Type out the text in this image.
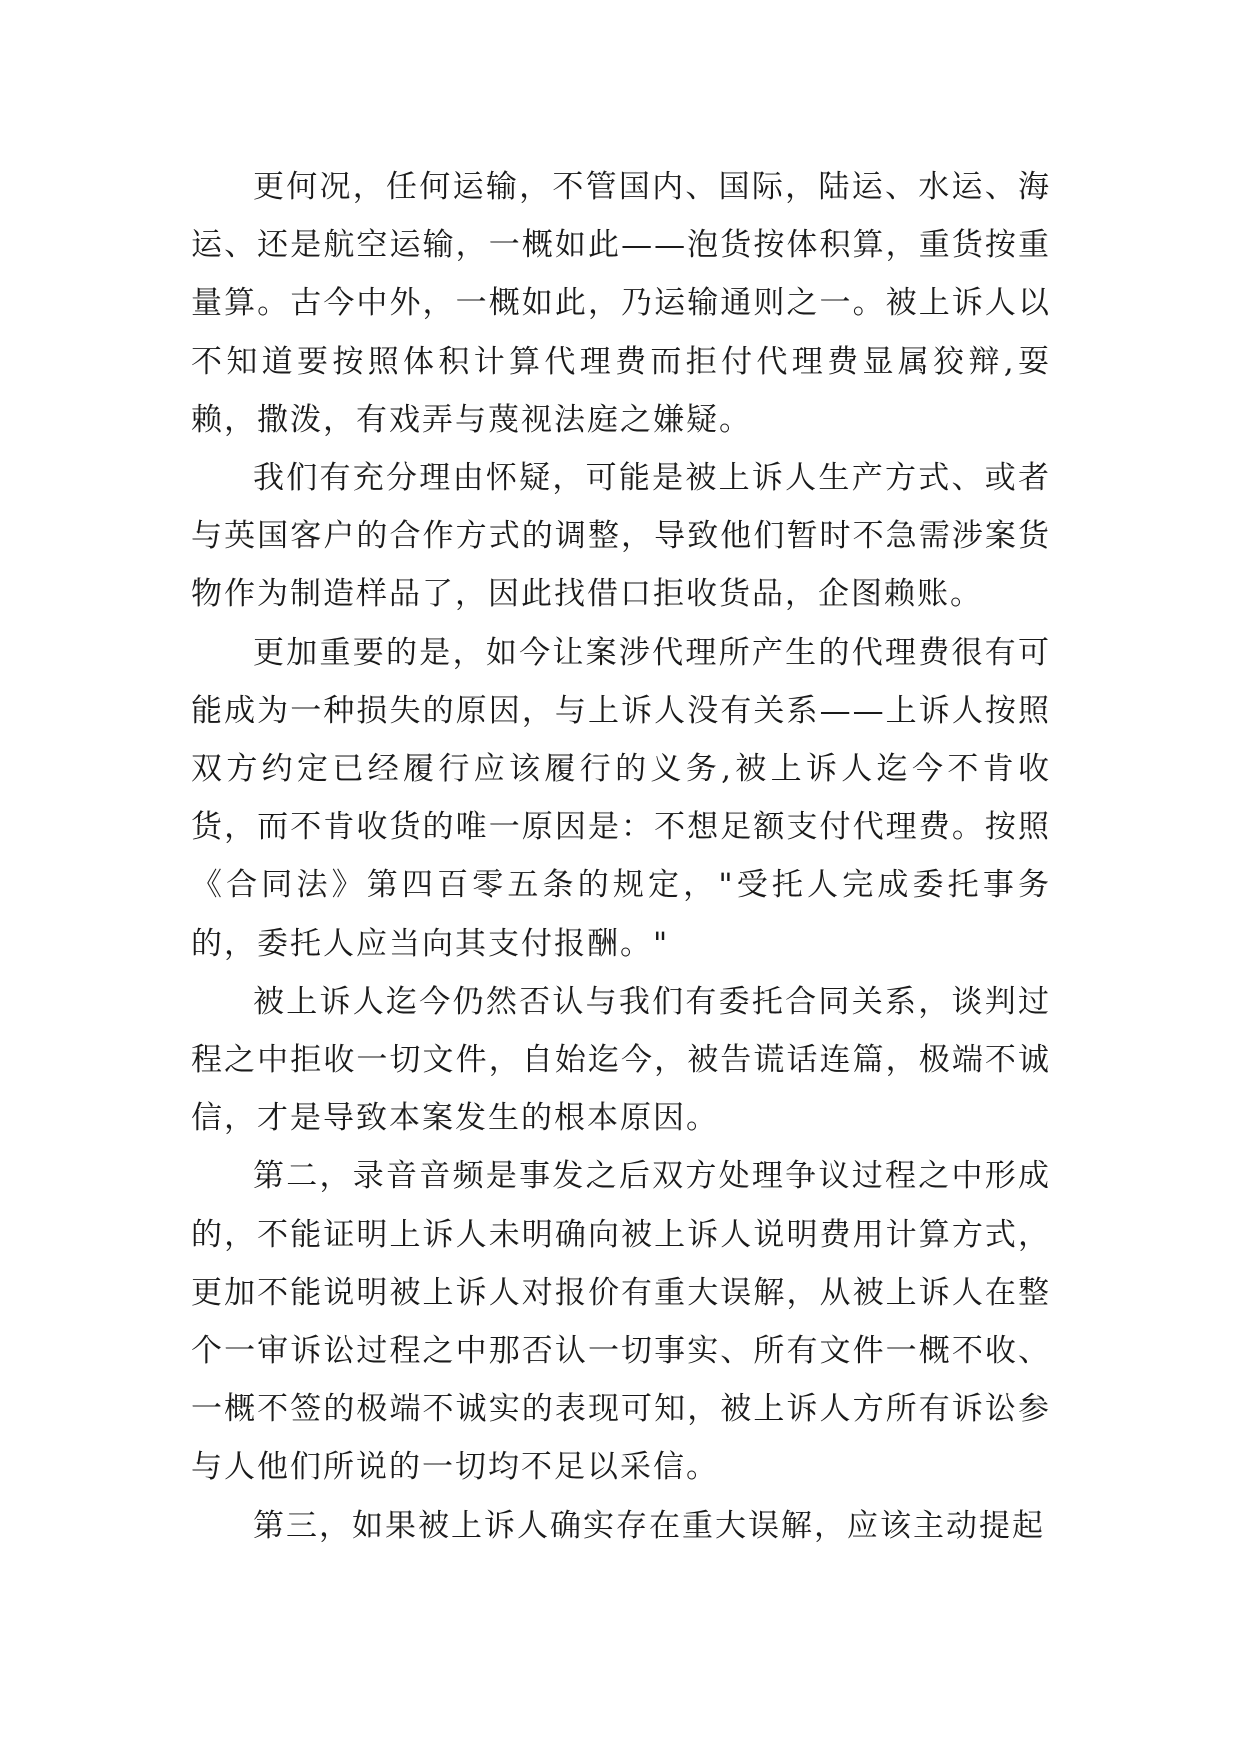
更何况，任何运输，不管国内、国际，陆运、水运、海运、还是航空运输，一概如此——泡货按体积算，重货按重量算。古今中外，一概如此，乃运输通则之一。被上诉人以不知道要按照体积计算代理费而拒付代理费显属狡辩,耍赖，撒泼，有戏弄与蔑视法庭之嫌疑。

我们有充分理由怀疑，可能是被上诉人生产方式、或者与英国客户的合作方式的调整，导致他们暂时不急需涉案货物作为制造样品了，因此找借口拒收货品，企图赖账。

更加重要的是，如今让案涉代理所产生的代理费很有可能成为一种损失的原因，与上诉人没有关系——上诉人按照双方约定已经履行应该履行的义务,被上诉人迄今不肯收货，而不肯收货的唯一原因是：不想足额支付代理费。按照《合同法》第四百零五条的规定，"受托人完成委托事务的，委托人应当向其支付报酬。"

被上诉人迄今仍然否认与我们有委托合同关系，谈判过程之中拒收一切文件，自始迄今，被告谎话连篇，极端不诚信，才是导致本案发生的根本原因。

第二，录音音频是事发之后双方处理争议过程之中形成的，不能证明上诉人未明确向被上诉人说明费用计算方式，更加不能说明被上诉人对报价有重大误解，从被上诉人在整个一审诉讼过程之中那否认一切事实、所有文件一概不收、一概不签的极端不诚实的表现可知，被上诉人方所有诉讼参与人他们所说的一切均不足以采信。

第三，如果被上诉人确实存在重大误解，应该主动提起
